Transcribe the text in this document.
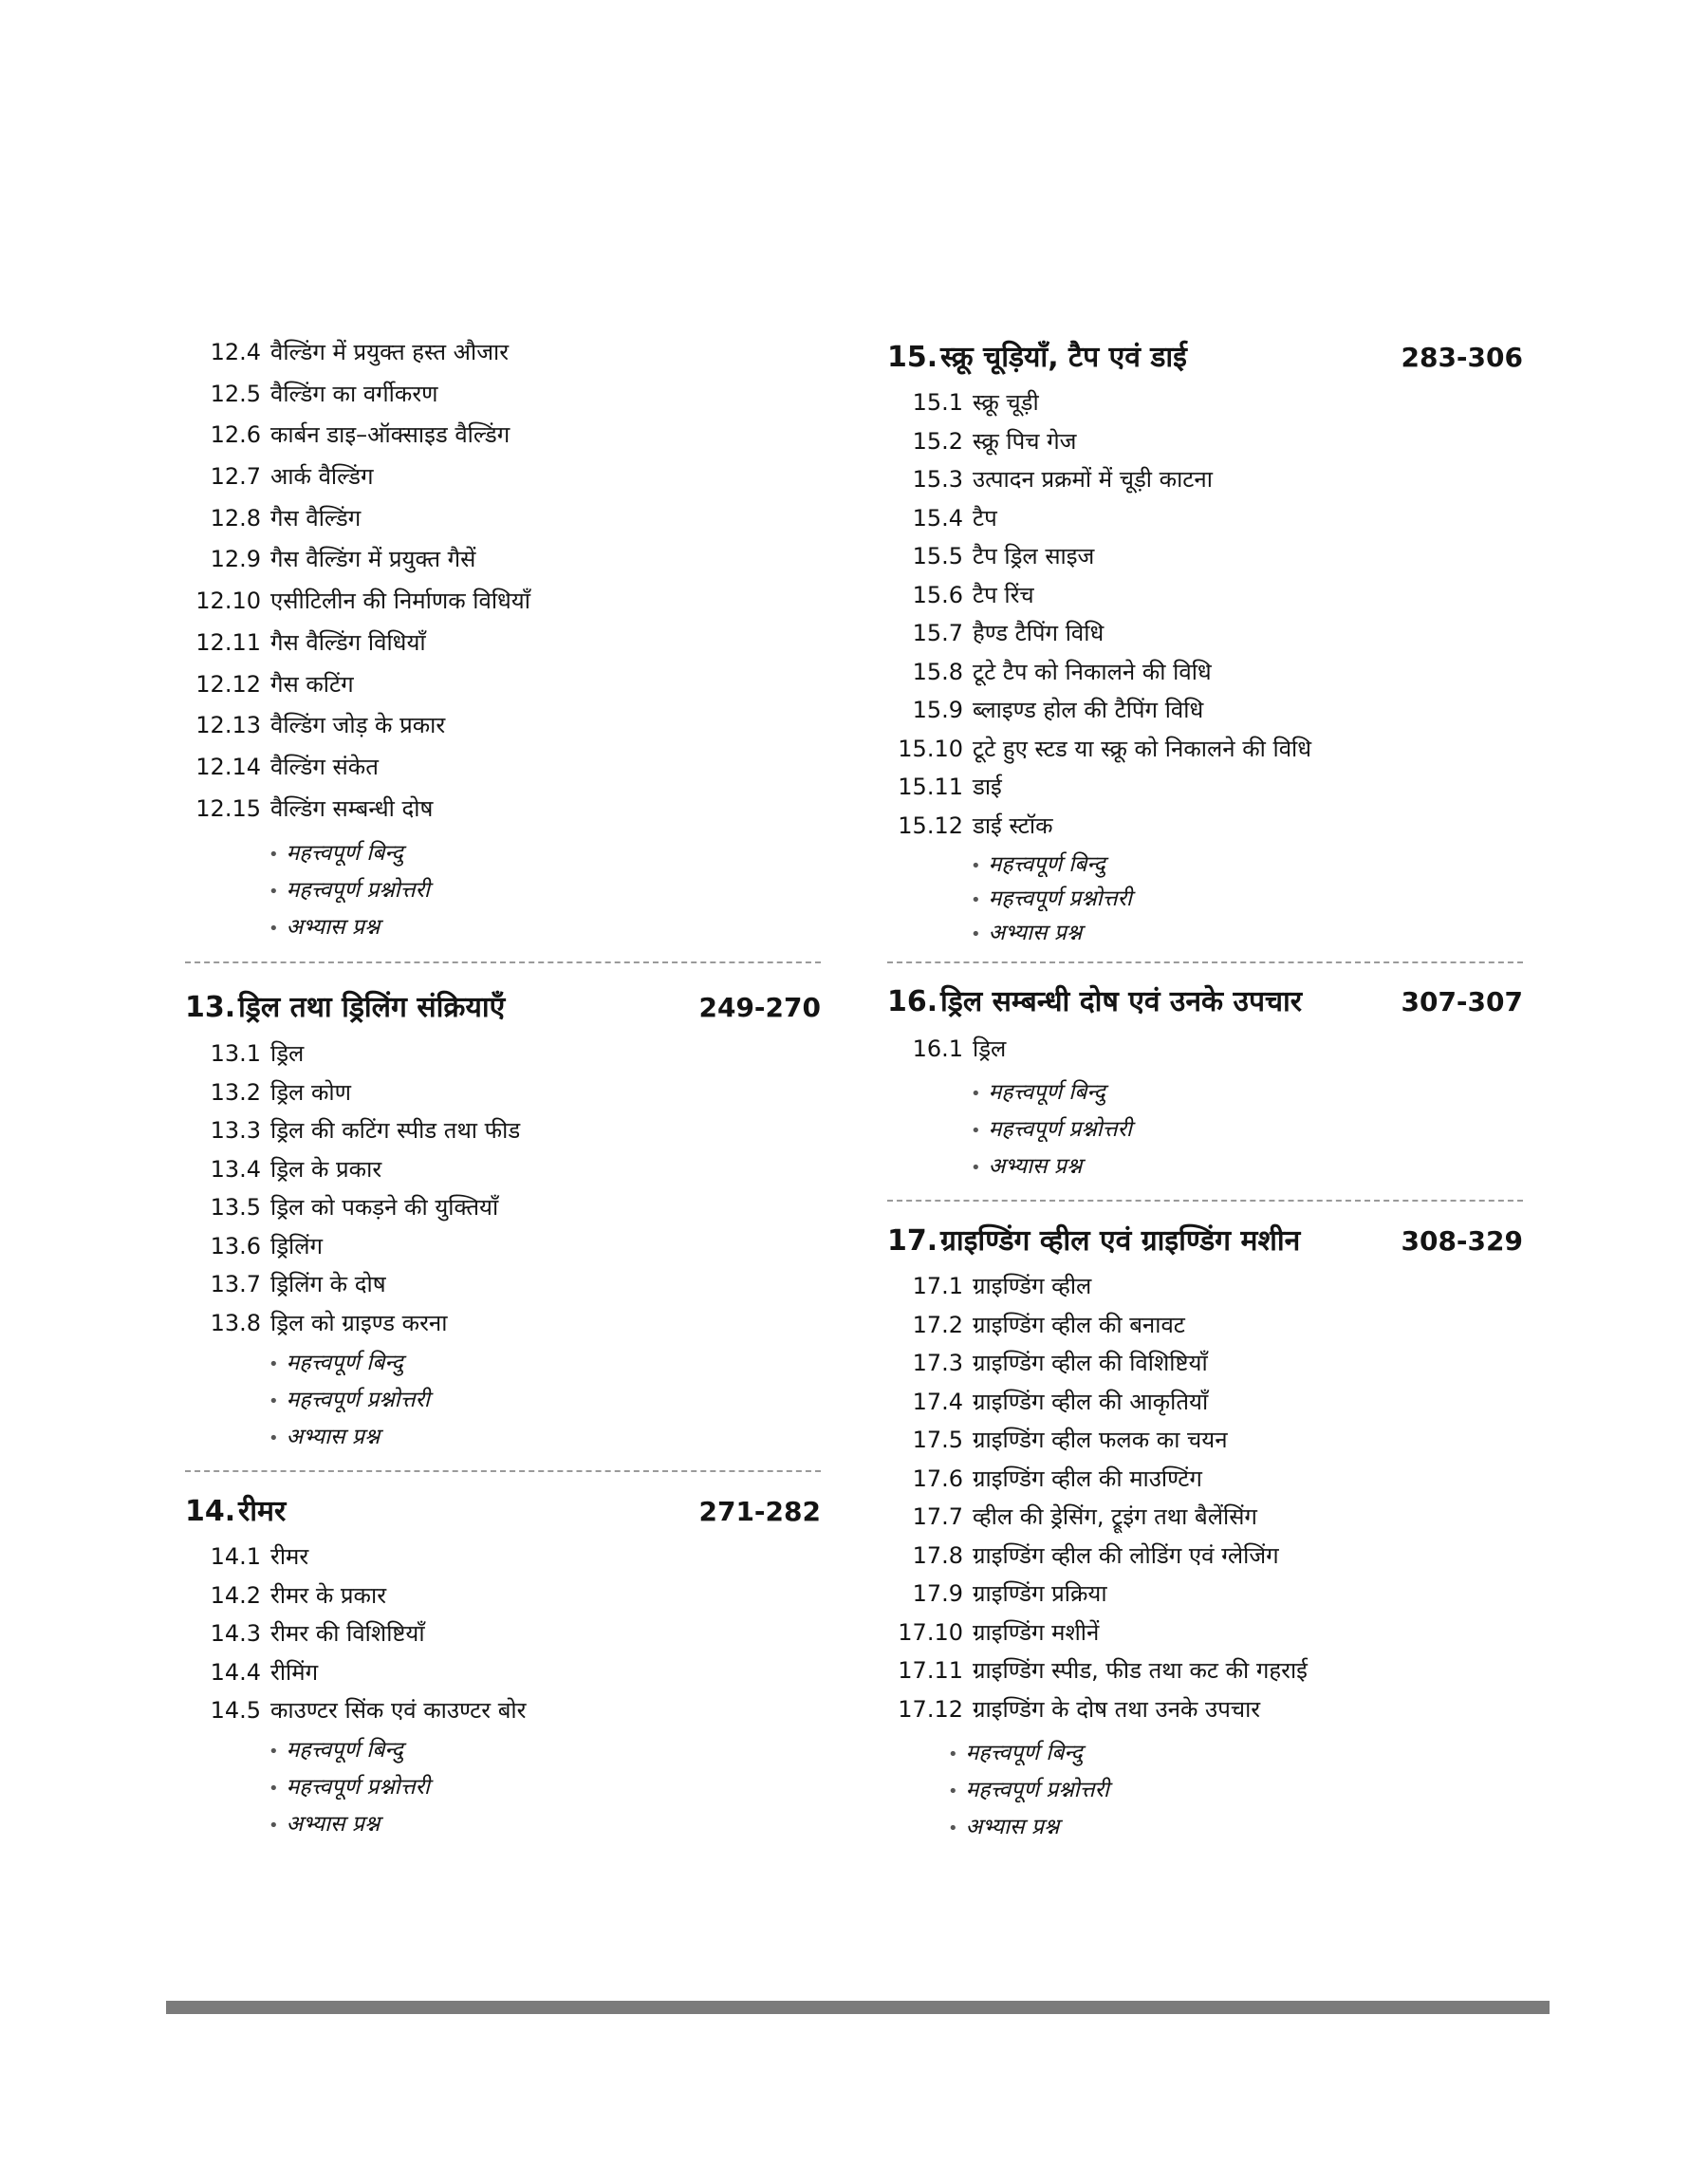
12.4 वैल्डिंग में प्रयुक्त हस्त औजार
12.5 वैल्डिंग का वर्गीकरण
12.6 कार्बन डाइ–ऑक्साइड वैल्डिंग
12.7 आर्क वैल्डिंग
12.8 गैस वैल्डिंग
12.9 गैस वैल्डिंग में प्रयुक्त गैसें
12.10 एसीटिलीन की निर्माणक विधियाँ
12.11 गैस वैल्डिंग विधियाँ
12.12 गैस कटिंग
12.13 वैल्डिंग जोड़ के प्रकार
12.14 वैल्डिंग संकेत
12.15 वैल्डिंग सम्बन्धी दोष
• महत्त्वपूर्ण बिन्दु
• महत्त्वपूर्ण प्रश्नोत्तरी
• अभ्यास प्रश्न
13. ड्रिल तथा ड्रिलिंग संक्रियाएँ	249-270
13.1 ड्रिल
13.2 ड्रिल कोण
13.3 ड्रिल की कटिंग स्पीड तथा फीड
13.4 ड्रिल के प्रकार
13.5 ड्रिल को पकड़ने की युक्तियाँ
13.6 ड्रिलिंग
13.7 ड्रिलिंग के दोष
13.8 ड्रिल को ग्राइण्ड करना
• महत्त्वपूर्ण बिन्दु
• महत्त्वपूर्ण प्रश्नोत्तरी
• अभ्यास प्रश्न
14. रीमर	271-282
14.1 रीमर
14.2 रीमर के प्रकार
14.3 रीमर की विशिष्टियाँ
14.4 रीमिंग
14.5 काउण्टर सिंक एवं काउण्टर बोर
• महत्त्वपूर्ण बिन्दु
• महत्त्वपूर्ण प्रश्नोत्तरी
• अभ्यास प्रश्न
15. स्क्रू चूड़ियाँ, टैप एवं डाई	283-306
15.1 स्क्रू चूड़ी
15.2 स्क्रू पिच गेज
15.3 उत्पादन प्रक्रमों में चूड़ी काटना
15.4 टैप
15.5 टैप ड्रिल साइज
15.6 टैप रिंच
15.7 हैण्ड टैपिंग विधि
15.8 टूटे टैप को निकालने की विधि
15.9 ब्लाइण्ड होल की टैपिंग विधि
15.10 टूटे हुए स्टड या स्क्रू को निकालने की विधि
15.11 डाई
15.12 डाई स्टॉक
• महत्त्वपूर्ण बिन्दु
• महत्त्वपूर्ण प्रश्नोत्तरी
• अभ्यास प्रश्न
16. ड्रिल सम्बन्धी दोष एवं उनके उपचार	307-307
16.1 ड्रिल
• महत्त्वपूर्ण बिन्दु
• महत्त्वपूर्ण प्रश्नोत्तरी
• अभ्यास प्रश्न
17. ग्राइण्डिंग व्हील एवं ग्राइण्डिंग मशीन	308-329
17.1 ग्राइण्डिंग व्हील
17.2 ग्राइण्डिंग व्हील की बनावट
17.3 ग्राइण्डिंग व्हील की विशिष्टियाँ
17.4 ग्राइण्डिंग व्हील की आकृतियाँ
17.5 ग्राइण्डिंग व्हील फलक का चयन
17.6 ग्राइण्डिंग व्हील की माउण्टिंग
17.7 व्हील की ड्रेसिंग, ट्रूइंग तथा बैलेंसिंग
17.8 ग्राइण्डिंग व्हील की लोडिंग एवं ग्लेजिंग
17.9 ग्राइण्डिंग प्रक्रिया
17.10 ग्राइण्डिंग मशीनें
17.11 ग्राइण्डिंग स्पीड, फीड तथा कट की गहराई
17.12 ग्राइण्डिंग के दोष तथा उनके उपचार
• महत्त्वपूर्ण बिन्दु
• महत्त्वपूर्ण प्रश्नोत्तरी
• अभ्यास प्रश्न
